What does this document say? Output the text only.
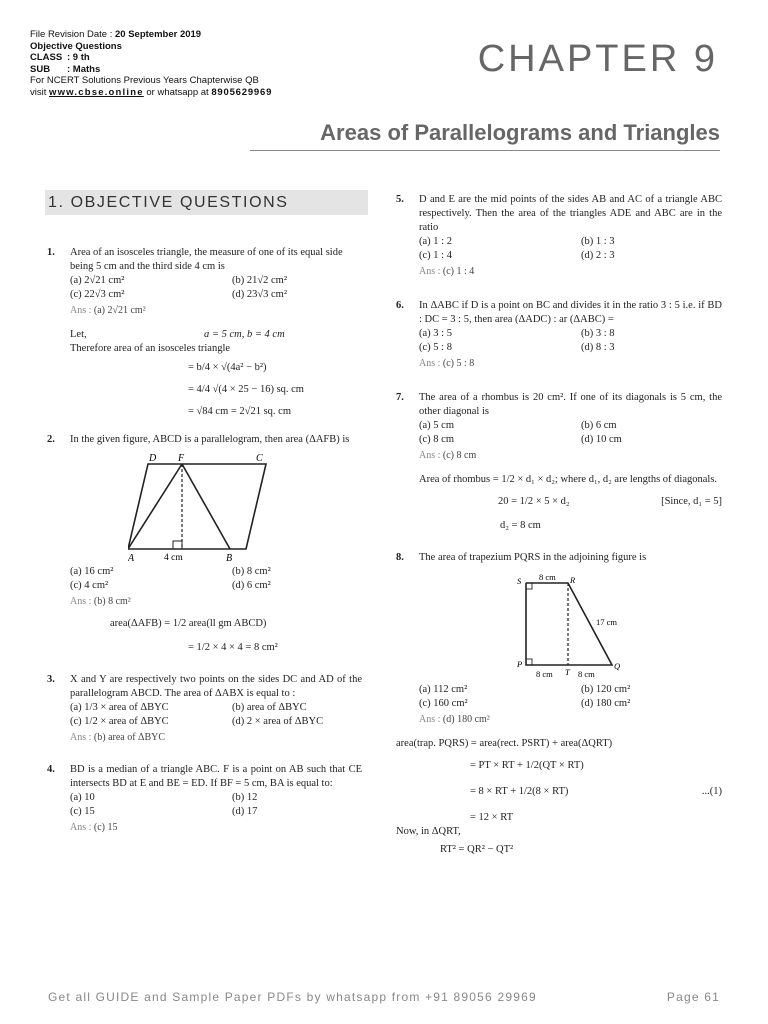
File Revision Date : 20 September 2019
Objective Questions
CLASS : 9 th
SUB : Maths
For NCERT Solutions Previous Years Chapterwise QB
visit www.cbse.online or whatsapp at 8905629969
CHAPTER 9
Areas of Parallelograms and Triangles
1. OBJECTIVE QUESTIONS
1. Area of an isosceles triangle, the measure of one of its equal side being 5 cm and the third side 4 cm is

(a) 2√21 cm²	(b) 21√2 cm²
(c) 22√3 cm²	(d) 23√3 cm²
Ans : (a) 2√21 cm²
Let,	a = 5 cm, b = 4 cm
Therefore area of an isosceles triangle
= b/4 × √(4a² − b²)
= 4/4 √(4 × 25 − 16) sq. cm
= √84 cm = 2√21 sq. cm
2. In the given figure, ABCD is a parallelogram, then area (ΔAFB) is

D F	C
A	4 cm	B
(a) 16 cm²	(b) 8 cm²
(c) 4 cm²	(d) 6 cm²
Ans : (b) 8 cm²
area(ΔAFB) = 1/2 area(ll gm ABCD)
= 1/2 × 4 × 4 = 8 cm²
3. X and Y are respectively two points on the sides DC and AD of the parallelogram ABCD. The area of ΔABX is equal to :

(a) 1/3 × area of ΔBYC	(b) area of ΔBYC
(c) 1/2 × area of ΔBYC	(d) 2 × area of ΔBYC
Ans : (b) area of ΔBYC
4. BD is a median of a triangle ABC. F is a point on AB such that CE intersects BD at E and BE = ED. If BF = 5 cm, BA is equal to:

(a) 10	(b) 12
(c) 15	(d) 17
Ans : (c) 15
5. D and E are the mid points of the sides AB and AC of a triangle ABC respectively. Then the area of the triangles ADE and ABC are in the ratio

(a) 1 : 2	(b) 1 : 3
(c) 1 : 4	(d) 2 : 3
Ans : (c) 1 : 4
6. In ΔABC if D is a point on BC and divides it in the ratio 3 : 5 i.e. if BD : DC = 3 : 5, then area (ΔADC) : ar (ΔABC) =

(a) 3 : 5	(b) 3 : 8
(c) 5 : 8	(d) 8 : 3
Ans : (c) 5 : 8
7. The area of a rhombus is 20 cm². If one of its diagonals is 5 cm, the other diagonal is

(a) 5 cm	(b) 6 cm
(c) 8 cm	(d) 10 cm
Ans : (c) 8 cm
Area of rhombus = 1/2 × d₁ × d₂; where d₁, d₂ are lengths of diagonals.
20 = 1/2 × 5 × d₂	[Since, d₁ = 5]
d₂ = 8 cm
8. The area of trapezium PQRS in the adjoining figure is

S 8 cm R
17 cm
P
T
Q
8 cm	8 cm
(a) 112 cm²	(b) 120 cm²
(c) 160 cm²	(d) 180 cm²
Ans : (d) 180 cm²
area(trap. PQRS) = area(rect. PSRT) + area(ΔQRT)
= PT × RT + 1/2(QT × RT)
= 8 × RT + 1/2(8 × RT)	...(1)
= 12 × RT
Now, in ΔQRT,
RT² = QR² − QT²
Get all GUIDE and Sample Paper PDFs by whatsapp from +91 89056 29969	Page 61
